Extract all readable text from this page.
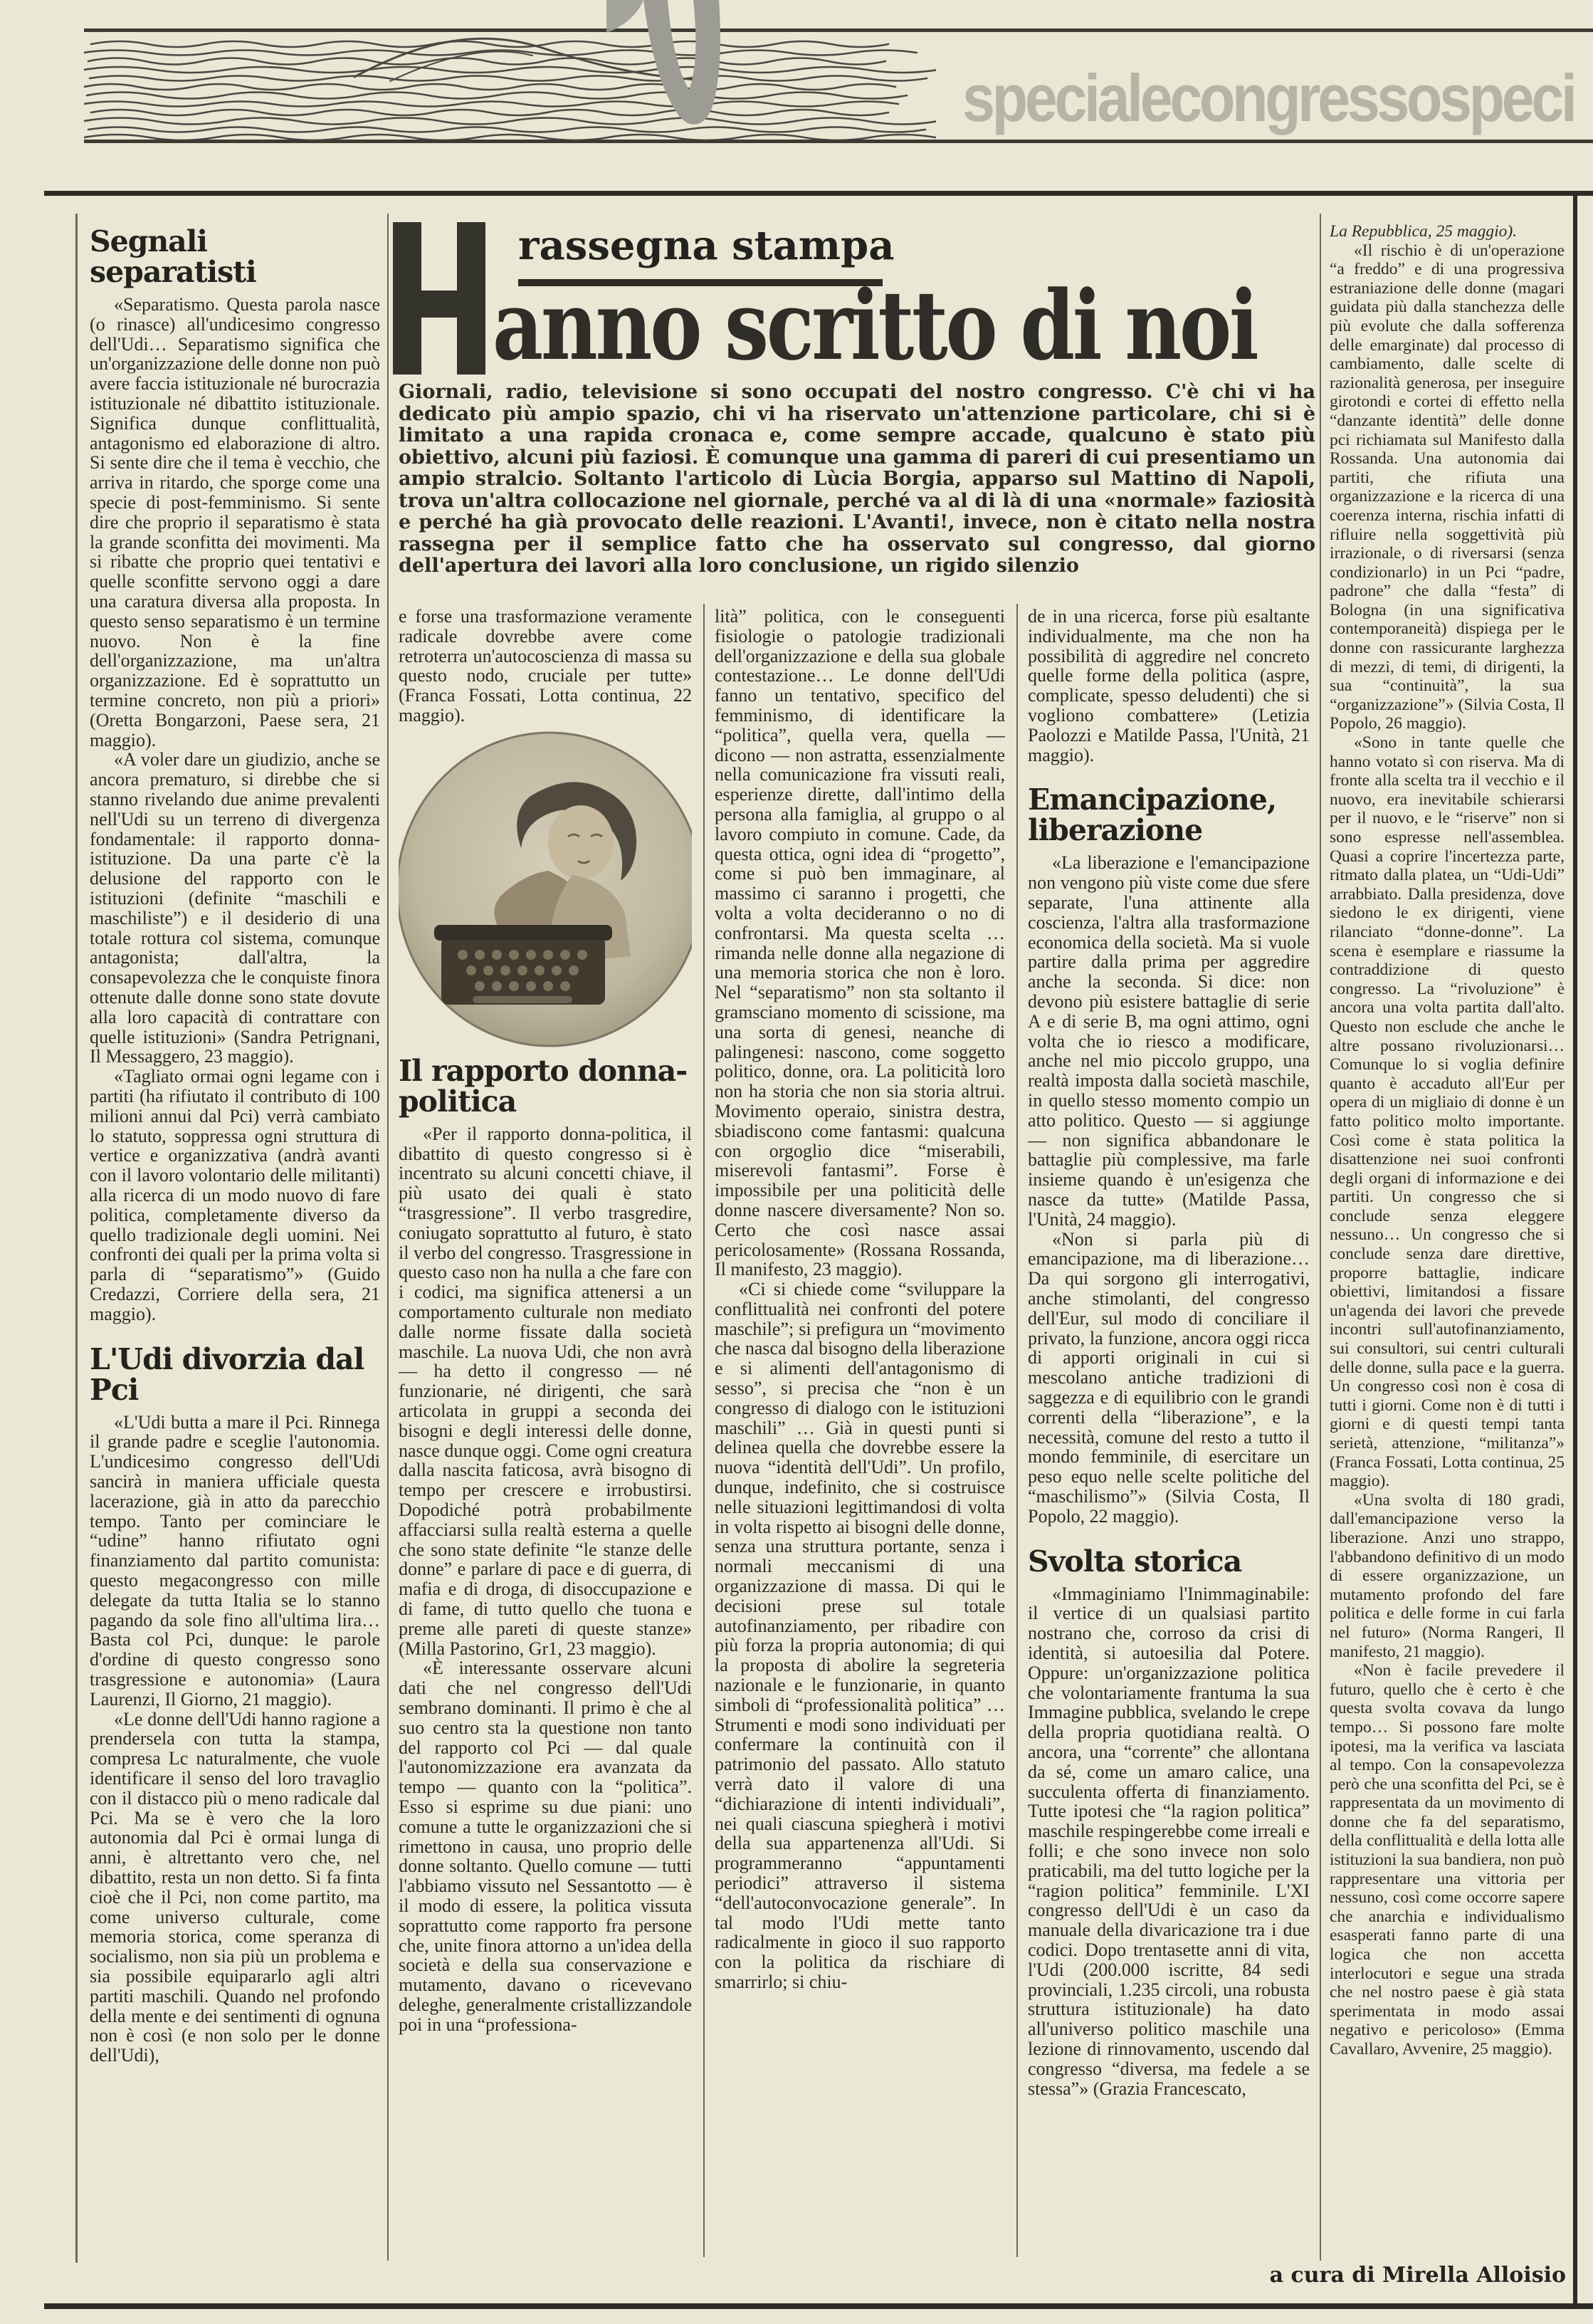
specialecongressospeci
rassegna stampa
anno scritto di noi
Giornali, radio, televisione si sono occupati del nostro congresso. C'è chi vi ha dedicato più ampio spazio, chi vi ha riservato un'attenzione particolare, chi si è limitato a una rapida cronaca e, come sempre accade, qualcuno è stato più obiettivo, alcuni più faziosi. È comunque una gamma di pareri di cui presentiamo un ampio stralcio. Soltanto l'articolo di Lùcia Borgia, apparso sul Mattino di Napoli, trova un'altra collocazione nel giornale, perché va al di là di una «normale» faziosità e perché ha già provocato delle reazioni. L'Avanti!, invece, non è citato nella nostra rassegna per il semplice fatto che ha osservato sul congresso, dal giorno dell'apertura dei lavori alla loro conclusione, un rigido silenzio
Segnali separatisti

«Separatismo. Questa parola nasce (o rinasce) all'undicesimo congresso dell'Udi… Separatismo significa che un'organizzazione delle donne non può avere faccia istituzionale né burocrazia istituzionale né dibattito istituzionale. Significa dunque conflittualità, antagonismo ed elaborazione di altro. Si sente dire che il tema è vecchio, che arriva in ritardo, che sporge come una specie di post-femminismo. Si sente dire che proprio il separatismo è stata la grande sconfitta dei movimenti. Ma si ribatte che proprio quei tentativi e quelle sconfitte servono oggi a dare una caratura diversa alla proposta. In questo senso separatismo è un termine nuovo. Non è la fine dell'organizzazione, ma un'altra organizzazione. Ed è soprattutto un termine concreto, non più a priori» (Oretta Bongarzoni, Paese sera, 21 maggio).

«A voler dare un giudizio, anche se ancora prematuro, si direbbe che si stanno rivelando due anime prevalenti nell'Udi su un terreno di divergenza fondamentale: il rapporto donna-istituzione. Da una parte c'è la delusione del rapporto con le istituzioni (definite “maschili e maschiliste”) e il desiderio di una totale rottura col sistema, comunque antagonista; dall'altra, la consapevolezza che le conquiste finora ottenute dalle donne sono state dovute alla loro capacità di contrattare con quelle istituzioni» (Sandra Petrignani, Il Messaggero, 23 maggio).

«Tagliato ormai ogni legame con i partiti (ha rifiutato il contributo di 100 milioni annui dal Pci) verrà cambiato lo statuto, soppressa ogni struttura di vertice e organizzativa (andrà avanti con il lavoro volontario delle militanti) alla ricerca di un modo nuovo di fare politica, completamente diverso da quello tradizionale degli uomini. Nei confronti dei quali per la prima volta si parla di “separatismo”» (Guido Credazzi, Corriere della sera, 21 maggio).

L'Udi divorzia dal Pci

«L'Udi butta a mare il Pci. Rinnega il grande padre e sceglie l'autonomia. L'undicesimo congresso dell'Udi sancirà in maniera ufficiale questa lacerazione, già in atto da parecchio tempo. Tanto per cominciare le “udine” hanno rifiutato ogni finanziamento dal partito comunista: questo megacongresso con mille delegate da tutta Italia se lo stanno pagando da sole fino all'ultima lira… Basta col Pci, dunque: le parole d'ordine di questo congresso sono trasgressione e autonomia» (Laura Laurenzi, Il Giorno, 21 maggio).

«Le donne dell'Udi hanno ragione a prendersela con tutta la stampa, compresa Lc naturalmente, che vuole identificare il senso del loro travaglio con il distacco più o meno radicale dal Pci. Ma se è vero che la loro autonomia dal Pci è ormai lunga di anni, è altrettanto vero che, nel dibattito, resta un non detto. Si fa finta cioè che il Pci, non come partito, ma come universo culturale, come memoria storica, come speranza di socialismo, non sia più un problema e sia possibile equipararlo agli altri partiti maschili. Quando nel profondo della mente e dei sentimenti di ognuna non è così (e non solo per le donne dell'Udi),

e forse una trasformazione veramente radicale dovrebbe avere come retroterra un'autocoscienza di massa su questo nodo, cruciale per tutte» (Franca Fossati, Lotta continua, 22 maggio).

Il rapporto donna-politica

«Per il rapporto donna-politica, il dibattito di questo congresso si è incentrato su alcuni concetti chiave, il più usato dei quali è stato “trasgressione”. Il verbo trasgredire, coniugato soprattutto al futuro, è stato il verbo del congresso. Trasgressione in questo caso non ha nulla a che fare con i codici, ma significa attenersi a un comportamento culturale non mediato dalle norme fissate dalla società maschile. La nuova Udi, che non avrà — ha detto il congresso — né funzionarie, né dirigenti, che sarà articolata in gruppi a seconda dei bisogni e degli interessi delle donne, nasce dunque oggi. Come ogni creatura dalla nascita faticosa, avrà bisogno di tempo per crescere e irrobustirsi. Dopodiché potrà probabilmente affacciarsi sulla realtà esterna a quelle che sono state definite “le stanze delle donne” e parlare di pace e di guerra, di mafia e di droga, di disoccupazione e di fame, di tutto quello che tuona e preme alle pareti di queste stanze» (Milla Pastorino, Gr1, 23 maggio).

«È interessante osservare alcuni dati che nel congresso dell'Udi sembrano dominanti. Il primo è che al suo centro sta la questione non tanto del rapporto col Pci — dal quale l'autonomizzazione era avanzata da tempo — quanto con la “politica”. Esso si esprime su due piani: uno comune a tutte le organizzazioni che si rimettono in causa, uno proprio delle donne soltanto. Quello comune — tutti l'abbiamo vissuto nel Sessantotto — è il modo di essere, la politica vissuta soprattutto come rapporto fra persone che, unite finora attorno a un'idea della società e della sua conservazione e mutamento, davano o ricevevano deleghe, generalmente cristallizzandole poi in una “professiona-

lità” politica, con le conseguenti fisiologie o patologie tradizionali dell'organizzazione e della sua globale contestazione… Le donne dell'Udi fanno un tentativo, specifico del femminismo, di identificare la “politica”, quella vera, quella — dicono — non astratta, essenzialmente nella comunicazione fra vissuti reali, esperienze dirette, dall'intimo della persona alla famiglia, al gruppo o al lavoro compiuto in comune. Cade, da questa ottica, ogni idea di “progetto”, come si può ben immaginare, al massimo ci saranno i progetti, che volta a volta decideranno o no di confrontarsi. Ma questa scelta … rimanda nelle donne alla negazione di una memoria storica che non è loro. Nel “separatismo” non sta soltanto il gramsciano momento di scissione, ma una sorta di genesi, neanche di palingenesi: nascono, come soggetto politico, donne, ora. La politicità loro non ha storia che non sia storia altrui. Movimento operaio, sinistra destra, sbiadiscono come fantasmi: qualcuna con orgoglio dice “miserabili, miserevoli fantasmi”. Forse è impossibile per una politicità delle donne nascere diversamente? Non so. Certo che così nasce assai pericolosamente» (Rossana Rossanda, Il manifesto, 23 maggio).

«Ci si chiede come “sviluppare la conflittualità nei confronti del potere maschile”; si prefigura un “movimento che nasca dal bisogno della liberazione e si alimenti dell'antagonismo di sesso”, si precisa che “non è un congresso di dialogo con le istituzioni maschili” … Già in questi punti si delinea quella che dovrebbe essere la nuova “identità dell'Udi”. Un profilo, dunque, indefinito, che si costruisce nelle situazioni legittimandosi di volta in volta rispetto ai bisogni delle donne, senza una struttura portante, senza i normali meccanismi di una organizzazione di massa. Di qui le decisioni prese sul totale autofinanziamento, per ribadire con più forza la propria autonomia; di qui la proposta di abolire la segreteria nazionale e le funzionarie, in quanto simboli di “professionalità politica” … Strumenti e modi sono individuati per confermare la continuità con il patrimonio del passato. Allo statuto verrà dato il valore di una “dichiarazione di intenti individuali”, nei quali ciascuna spiegherà i motivi della sua appartenenza all'Udi. Si programmeranno “appuntamenti periodici” attraverso il sistema “dell'autoconvocazione generale”. In tal modo l'Udi mette tanto radicalmente in gioco il suo rapporto con la politica da rischiare di smarrirlo; si chiu-

de in una ricerca, forse più esaltante individualmente, ma che non ha possibilità di aggredire nel concreto quelle forme della politica (aspre, complicate, spesso deludenti) che si vogliono combattere» (Letizia Paolozzi e Matilde Passa, l'Unità, 21 maggio).

Emancipazione, liberazione

«La liberazione e l'emancipazione non vengono più viste come due sfere separate, l'una attinente alla coscienza, l'altra alla trasformazione economica della società. Ma si vuole partire dalla prima per aggredire anche la seconda. Si dice: non devono più esistere battaglie di serie A e di serie B, ma ogni attimo, ogni volta che io riesco a modificare, anche nel mio piccolo gruppo, una realtà imposta dalla società maschile, in quello stesso momento compio un atto politico. Questo — si aggiunge — non significa abbandonare le battaglie più complessive, ma farle insieme quando è un'esigenza che nasce da tutte» (Matilde Passa, l'Unità, 24 maggio).

«Non si parla più di emancipazione, ma di liberazione… Da qui sorgono gli interrogativi, anche stimolanti, del congresso dell'Eur, sul modo di conciliare il privato, la funzione, ancora oggi ricca di apporti originali in cui si mescolano antiche tradizioni di saggezza e di equilibrio con le grandi correnti della “liberazione”, e la necessità, comune del resto a tutto il mondo femminile, di esercitare un peso equo nelle scelte politiche del “maschilismo”» (Silvia Costa, Il Popolo, 22 maggio).

Svolta storica

«Immaginiamo l'Inimmaginabile: il vertice di un qualsiasi partito nostrano che, corroso da crisi di identità, si autoesilia dal Potere. Oppure: un'organizzazione politica che volontariamente frantuma la sua Immagine pubblica, svelando le crepe della propria quotidiana realtà. O ancora, una “corrente” che allontana da sé, come un amaro calice, una succulenta offerta di finanziamento. Tutte ipotesi che “la ragion politica” maschile respingerebbe come irreali e folli; e che sono invece non solo praticabili, ma del tutto logiche per la “ragion politica” femminile. L'XI congresso dell'Udi è un caso da manuale della divaricazione tra i due codici. Dopo trentasette anni di vita, l'Udi (200.000 iscritte, 84 sedi provinciali, 1.235 circoli, una robusta struttura istituzionale) ha dato all'universo politico maschile una lezione di rinnovamento, uscendo dal congresso “diversa, ma fedele a se stessa”» (Grazia Francescato,

La Repubblica, 25 maggio).

«Il rischio è di un'operazione “a freddo” e di una progressiva estraniazione delle donne (magari guidata più dalla stanchezza delle più evolute che dalla sofferenza delle emarginate) dal processo di cambiamento, dalle scelte di razionalità generosa, per inseguire girotondi e cortei di effetto nella “danzante identità” delle donne pci richiamata sul Manifesto dalla Rossanda. Una autonomia dai partiti, che rifiuta una organizzazione e la ricerca di una coerenza interna, rischia infatti di rifluire nella soggettività più irrazionale, o di riversarsi (senza condizionarlo) in un Pci “padre, padrone” che dalla “festa” di Bologna (in una significativa contemporaneità) dispiega per le donne con rassicurante larghezza di mezzi, di temi, di dirigenti, la sua “continuità”, la sua “organizzazione”» (Silvia Costa, Il Popolo, 26 maggio).

«Sono in tante quelle che hanno votato sì con riserva. Ma di fronte alla scelta tra il vecchio e il nuovo, era inevitabile schierarsi per il nuovo, e le “riserve” non si sono espresse nell'assemblea. Quasi a coprire l'incertezza parte, ritmato dalla platea, un “Udi-Udi” arrabbiato. Dalla presidenza, dove siedono le ex dirigenti, viene rilanciato “donne-donne”. La scena è esemplare e riassume la contraddizione di questo congresso. La “rivoluzione” è ancora una volta partita dall'alto. Questo non esclude che anche le altre possano rivoluzionarsi… Comunque lo si voglia definire quanto è accaduto all'Eur per opera di un migliaio di donne è un fatto politico molto importante. Così come è stata politica la disattenzione nei suoi confronti degli organi di informazione e dei partiti. Un congresso che si conclude senza eleggere nessuno… Un congresso che si conclude senza dare direttive, proporre battaglie, indicare obiettivi, limitandosi a fissare un'agenda dei lavori che prevede incontri sull'autofinanziamento, sui consultori, sui centri culturali delle donne, sulla pace e la guerra. Un congresso così non è cosa di tutti i giorni. Come non è di tutti i giorni e di questi tempi tanta serietà, attenzione, “militanza”» (Franca Fossati, Lotta continua, 25 maggio).

«Una svolta di 180 gradi, dall'emancipazione verso la liberazione. Anzi uno strappo, l'abbandono definitivo di un modo di essere organizzazione, un mutamento profondo del fare politica e delle forme in cui farla nel futuro» (Norma Rangeri, Il manifesto, 21 maggio).

«Non è facile prevedere il futuro, quello che è certo è che questa svolta covava da lungo tempo… Si possono fare molte ipotesi, ma la verifica va lasciata al tempo. Con la consapevolezza però che una sconfitta del Pci, se è rappresentata da un movimento di donne che fa del separatismo, della conflittualità e della lotta alle istituzioni la sua bandiera, non può rappresentare una vittoria per nessuno, così come occorre sapere che anarchia e individualismo esasperati fanno parte di una logica che non accetta interlocutori e segue una strada che nel nostro paese è già stata sperimentata in modo assai negativo e pericoloso» (Emma Cavallaro, Avvenire, 25 maggio).

a cura di Mirella Alloisio
